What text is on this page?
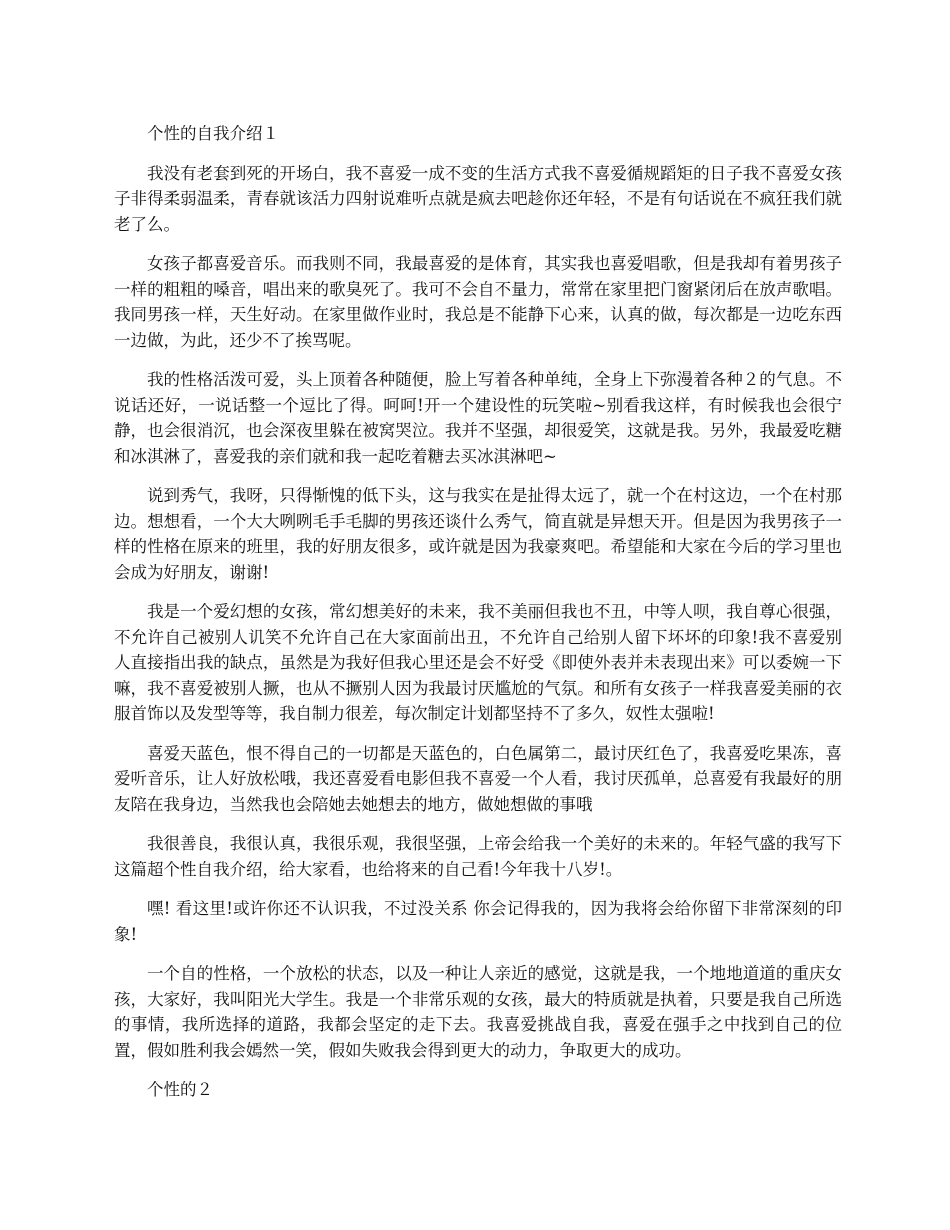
个性的自我介绍１

我没有老套到死的开场白，我不喜爱一成不变的生活方式我不喜爱循规蹈矩的日子我不喜爱女孩子非得柔弱温柔，青春就该活力四射说难听点就是疯去吧趁你还年轻，不是有句话说在不疯狂我们就老了么。

女孩子都喜爱音乐。而我则不同，我最喜爱的是体育，其实我也喜爱唱歌，但是我却有着男孩子一样的粗粗的嗓音，唱出来的歌臭死了。我可不会自不量力，常常在家里把门窗紧闭后在放声歌唱。我同男孩一样，天生好动。在家里做作业时，我总是不能静下心来，认真的做，每次都是一边吃东西一边做，为此，还少不了挨骂呢。

我的性格活泼可爱，头上顶着各种随便，脸上写着各种单纯，全身上下弥漫着各种２的气息。不说话还好，一说话整一个逗比了得。呵呵!开一个建设性的玩笑啦~别看我这样，有时候我也会很宁静，也会很消沉，也会深夜里躲在被窝哭泣。我并不坚强，却很爱笑，这就是我。另外，我最爱吃糖和冰淇淋了，喜爱我的亲们就和我一起吃着糖去买冰淇淋吧~

说到秀气，我呀，只得惭愧的低下头，这与我实在是扯得太远了，就一个在村这边，一个在村那边。想想看，一个大大咧咧毛手毛脚的男孩还谈什么秀气，简直就是异想天开。但是因为我男孩子一样的性格在原来的班里，我的好朋友很多，或许就是因为我豪爽吧。希望能和大家在今后的学习里也会成为好朋友，谢谢!

我是一个爱幻想的女孩，常幻想美好的未来，我不美丽但我也不丑，中等人呗，我自尊心很强，不允许自己被别人讥笑不允许自己在大家面前出丑，不允许自己给别人留下坏坏的印象!我不喜爱别人直接指出我的缺点，虽然是为我好但我心里还是会不好受《即使外表并未表现出来》可以委婉一下嘛，我不喜爱被别人撅，也从不撅别人因为我最讨厌尴尬的气氛。和所有女孩子一样我喜爱美丽的衣服首饰以及发型等等，我自制力很差，每次制定计划都坚持不了多久，奴性太强啦!

喜爱天蓝色，恨不得自己的一切都是天蓝色的，白色属第二，最讨厌红色了，我喜爱吃果冻，喜爱听音乐，让人好放松哦，我还喜爱看电影但我不喜爱一个人看，我讨厌孤单，总喜爱有我最好的朋友陪在我身边，当然我也会陪她去她想去的地方，做她想做的事哦

我很善良，我很认真，我很乐观，我很坚强，上帝会给我一个美好的未来的。年轻气盛的我写下这篇超个性自我介绍，给大家看，也给将来的自己看!今年我十八岁!。

嘿! 看这里!或许你还不认识我，不过没关系 你会记得我的，因为我将会给你留下非常深刻的印象!

一个自的性格，一个放松的状态，以及一种让人亲近的感觉，这就是我，一个地地道道的重庆女孩，大家好，我叫阳光大学生。我是一个非常乐观的女孩，最大的特质就是执着，只要是我自己所选的事情，我所选择的道路，我都会坚定的走下去。我喜爱挑战自我，喜爱在强手之中找到自己的位置，假如胜利我会嫣然一笑，假如失败我会得到更大的动力，争取更大的成功。

个性的２
